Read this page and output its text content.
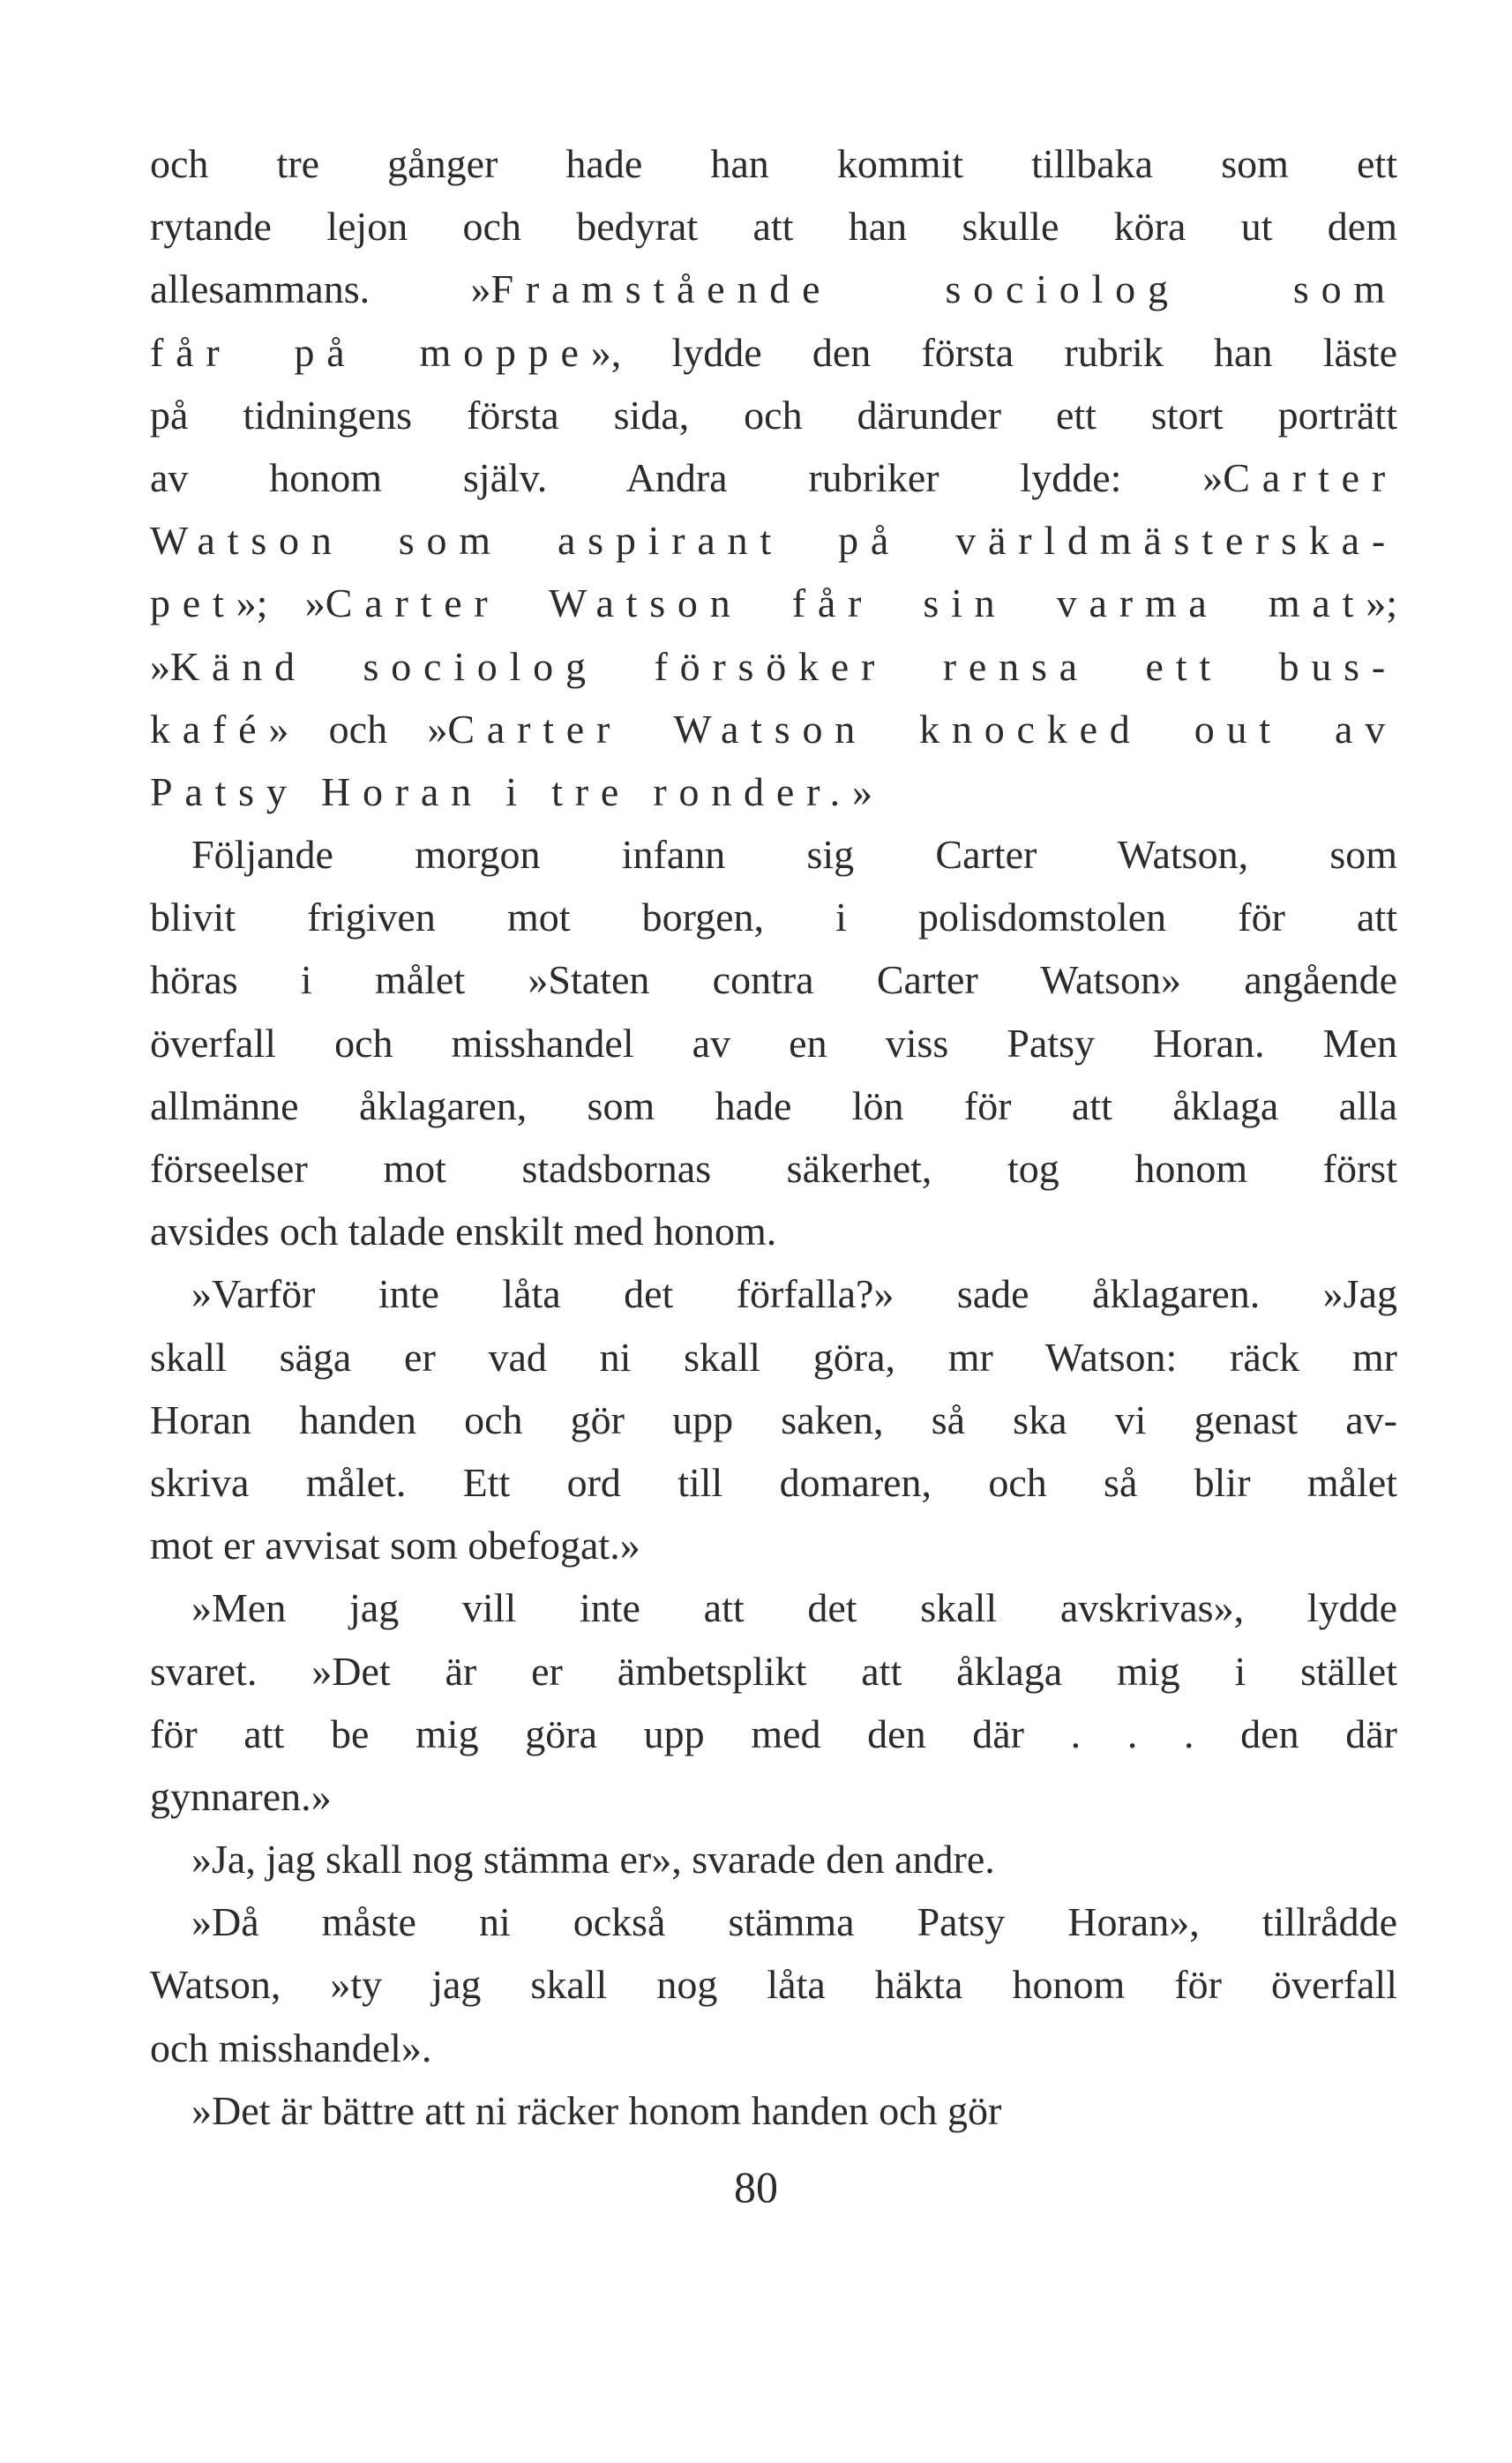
och tre gånger hade han kommit tillbaka som ett
rytande lejon och bedyrat att han skulle köra ut dem
allesammans. »Framstående sociolog som
får på moppe», lydde den första rubrik han läste
på tidningens första sida, och därunder ett stort porträtt
av honom själv. Andra rubriker lydde: »Carter
Watson som aspirant på världmästerska-
pet»; »Carter Watson får sin varma mat»;
»Känd sociolog försöker rensa ett bus-
kafé» och »Carter Watson knocked out av
Patsy Horan i tre ronder.»
Följande morgon infann sig Carter Watson, som
blivit frigiven mot borgen, i polisdomstolen för att
höras i målet »Staten contra Carter Watson» angående
överfall och misshandel av en viss Patsy Horan. Men
allmänne åklagaren, som hade lön för att åklaga alla
förseelser mot stadsbornas säkerhet, tog honom först
avsides och talade enskilt med honom.
»Varför inte låta det förfalla?» sade åklagaren. »Jag
skall säga er vad ni skall göra, mr Watson: räck mr
Horan handen och gör upp saken, så ska vi genast av-
skriva målet. Ett ord till domaren, och så blir målet
mot er avvisat som obefogat.»
»Men jag vill inte att det skall avskrivas», lydde
svaret. »Det är er ämbetsplikt att åklaga mig i stället
för att be mig göra upp med den där . . . den där
gynnaren.»
»Ja, jag skall nog stämma er», svarade den andre.
»Då måste ni också stämma Patsy Horan», tillrådde
Watson, »ty jag skall nog låta häkta honom för överfall
och misshandel».
»Det är bättre att ni räcker honom handen och gör
80
